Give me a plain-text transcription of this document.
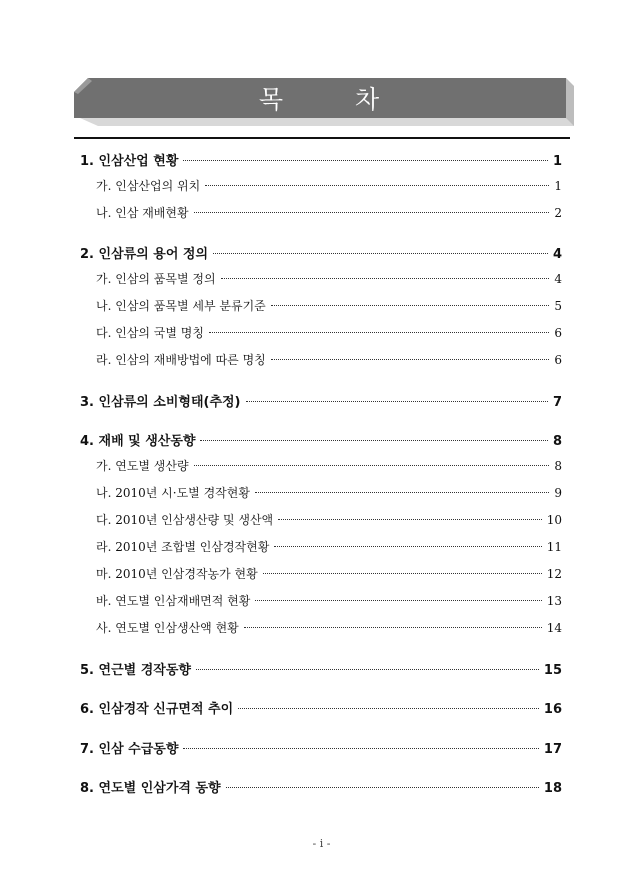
목	차
1. 인삼산업 현황	1
가. 인삼산업의 위치	1
나. 인삼 재배현황	2
2. 인삼류의 용어 정의	4
가. 인삼의 품목별 정의	4
나. 인삼의 품목별 세부 분류기준	5
다. 인삼의 국별 명칭	6
라. 인삼의 재배방법에 따른 명칭	6
3. 인삼류의 소비형태(추정)	7
4. 재배 및 생산동향	8
가. 연도별 생산량	8
나. 2010년 시·도별 경작현황	9
다. 2010년 인삼생산량 및 생산액	10
라. 2010년 조합별 인삼경작현황	11
마. 2010년 인삼경작농가 현황	12
바. 연도별 인삼재배면적 현황	13
사. 연도별 인삼생산액 현황	14
5. 연근별 경작동향	15
6. 인삼경작 신규면적 추이	16
7. 인삼 수급동향	17
8. 연도별 인삼가격 동향	18
- i -
